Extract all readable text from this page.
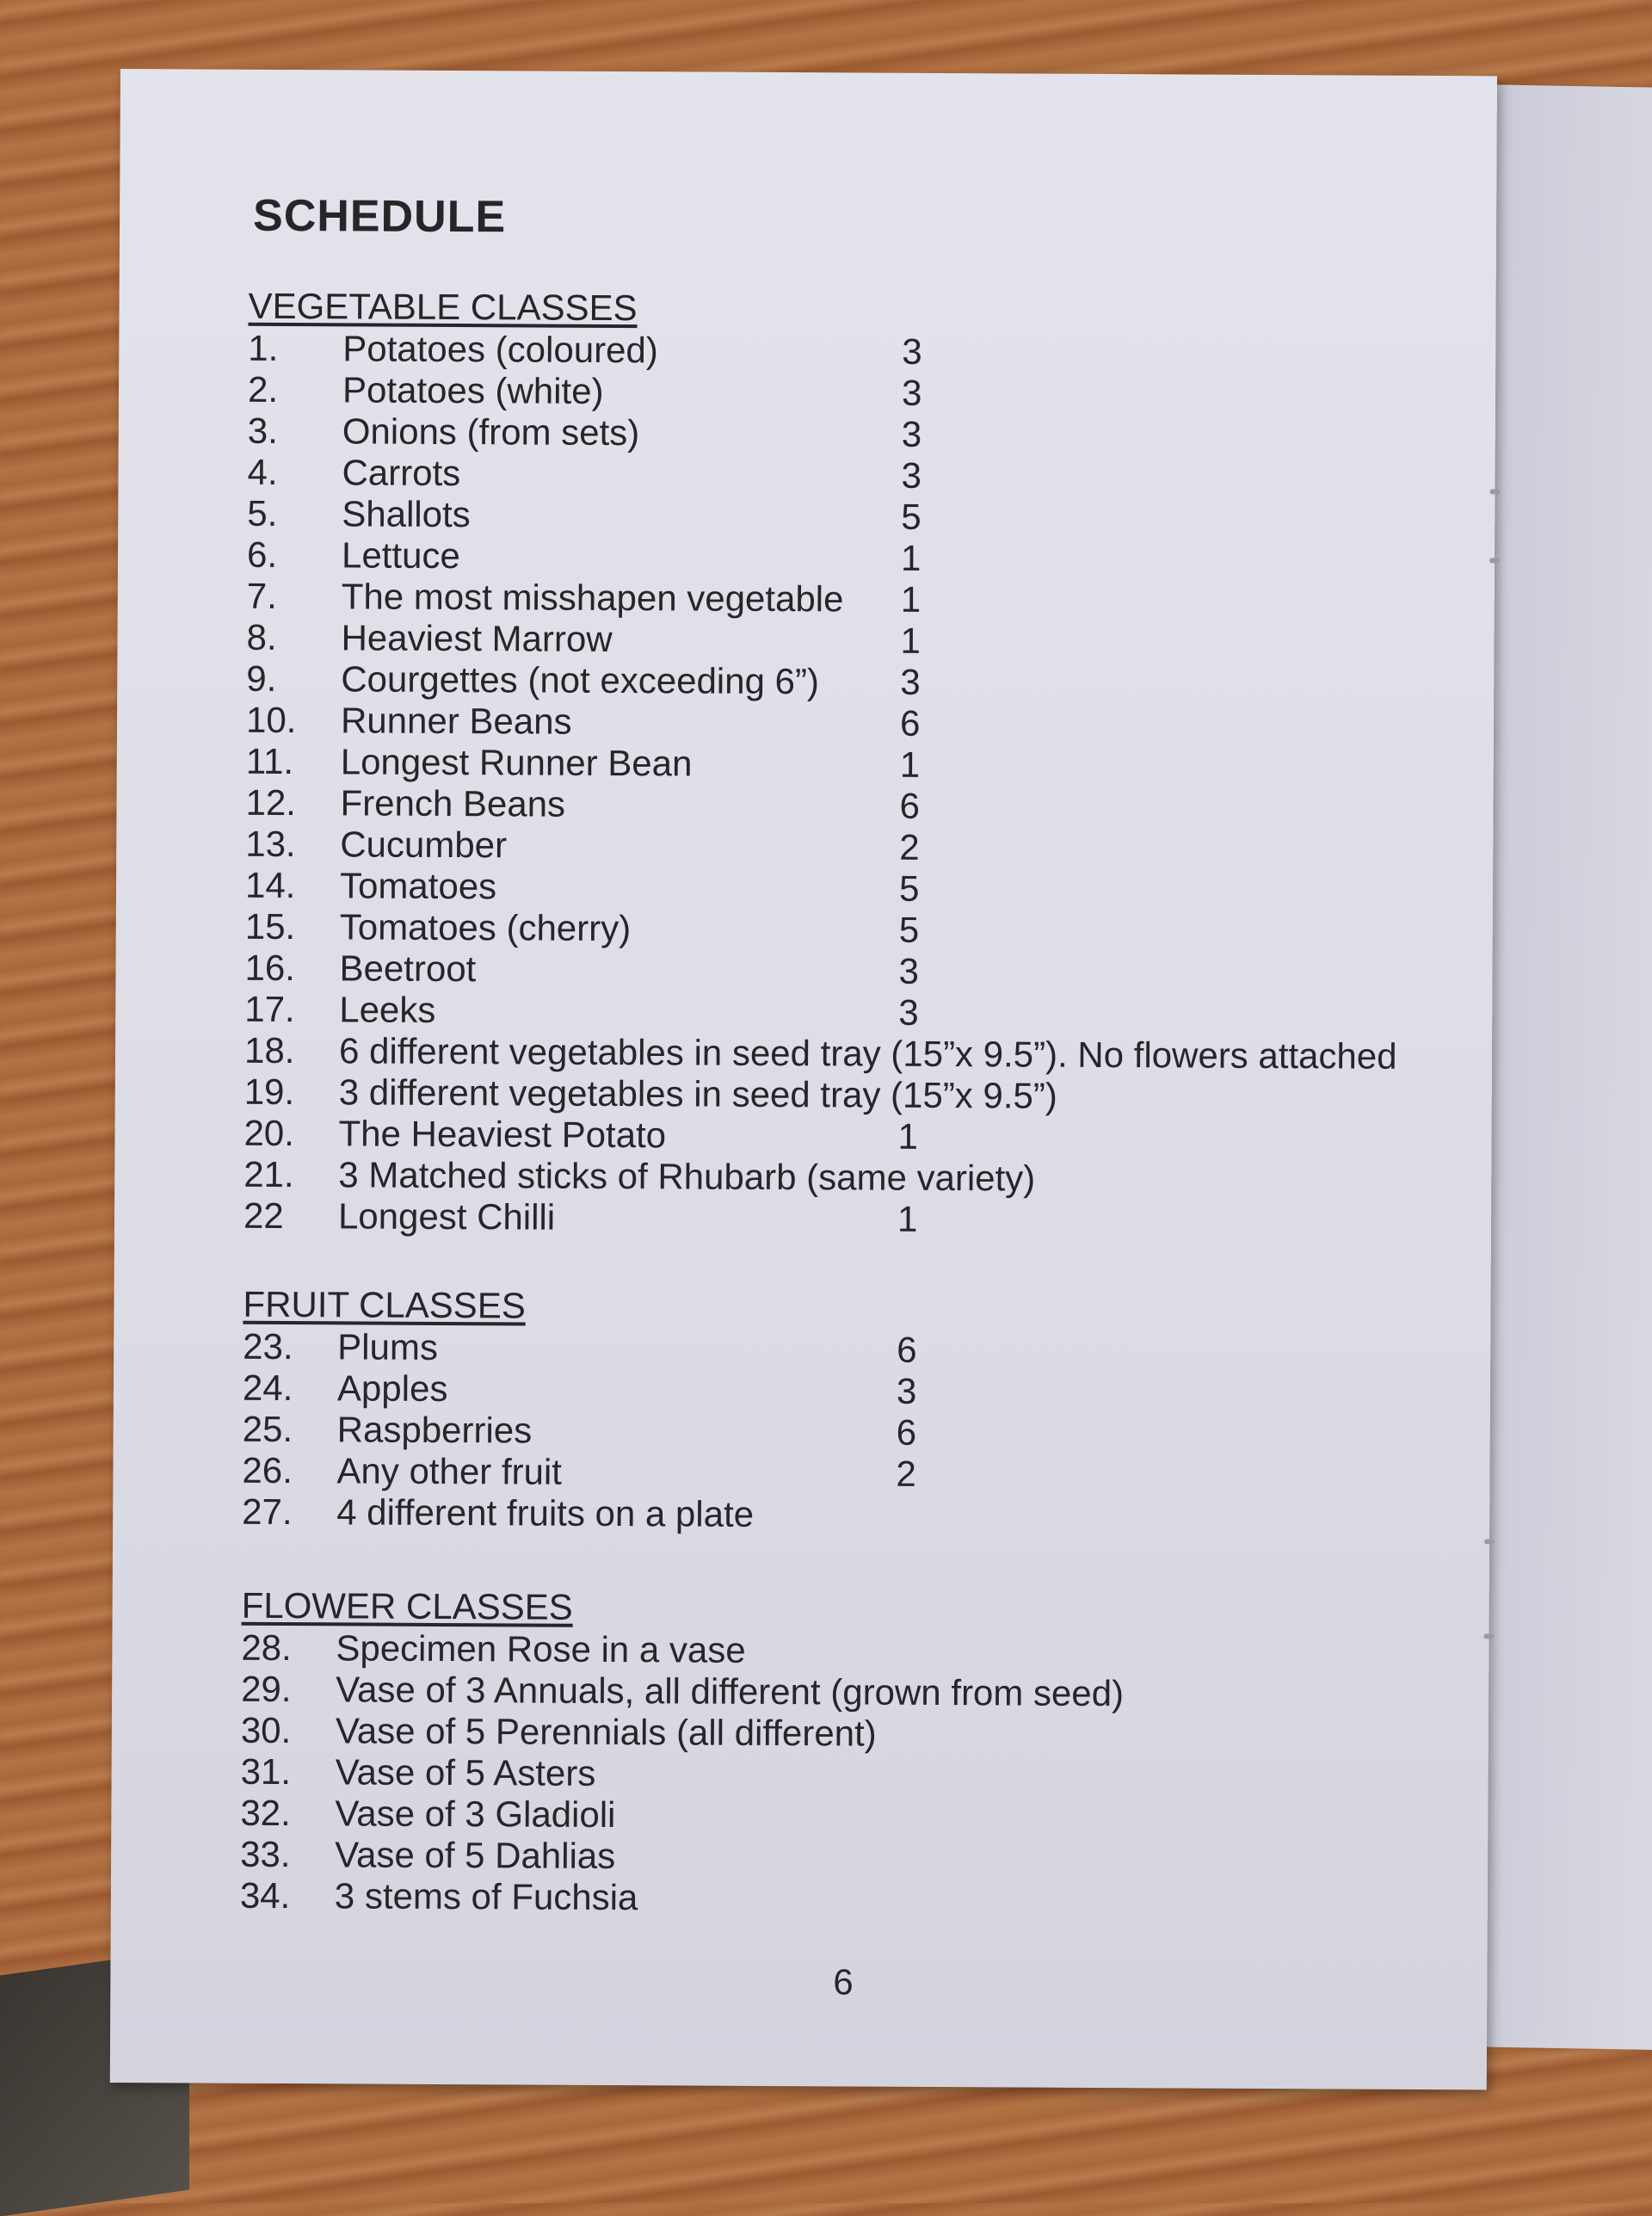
SCHEDULE
VEGETABLE CLASSES
1.	Potatoes (coloured)	3
2.	Potatoes (white)	3
3.	Onions (from sets)	3
4.	Carrots	3
5.	Shallots	5
6.	Lettuce	1
7.	The most misshapen vegetable 1
8.	Heaviest Marrow	1
9.	Courgettes (not exceeding 6”) 3
10.	Runner Beans	6
11.	Longest Runner Bean	1
12.	French Beans	6
13.	Cucumber	2
14.	Tomatoes	5
15.	Tomatoes (cherry)	5
16.	Beetroot	3
17.	Leeks	3
18.	6 different vegetables in seed tray (15”x 9.5”). No flowers attached
19.	3 different vegetables in seed tray (15”x 9.5”)
20.	The Heaviest Potato	1
21.	3 Matched sticks of Rhubarb (same variety)
22	Longest Chilli	1
FRUIT CLASSES
23.	Plums	6
24.	Apples	3
25.	Raspberries	6
26.	Any other fruit	2
27.	4 different fruits on a plate
FLOWER CLASSES
28.	Specimen Rose in a vase
29.	Vase of 3 Annuals, all different (grown from seed)
30.	Vase of 5 Perennials (all different)
31.	Vase of 5 Asters
32.	Vase of 3 Gladioli
33.	Vase of 5 Dahlias
34.	3 stems of Fuchsia
6
